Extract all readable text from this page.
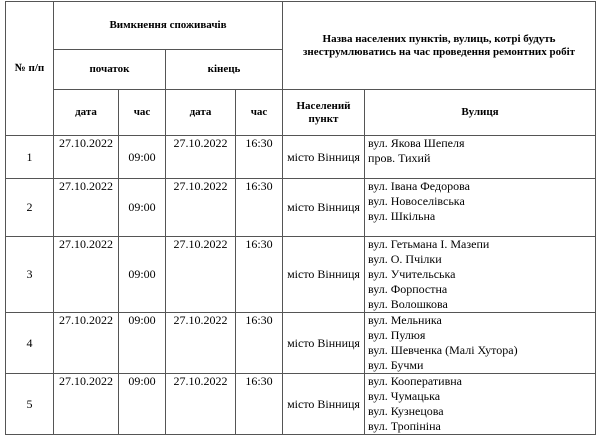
№ п/п	Вимкнення споживачів				Назва населених пунктів, вулиць, котрі будуть знеструмлюватись на час проведення ремонтних робіт	
	початок		кінець			
	дата	час	дата	час	Населений пункт	Вулиця
1	27.10.2022	09:00	27.10.2022	16:30	місто Вінниця	вул. Якова Шепеля
пров. Тихий

2	27.10.2022	09:00	27.10.2022	16:30	місто Вінниця	вул. Івана Федорова
вул. Новоселівська
вул. Шкільна

3	27.10.2022	09:00	27.10.2022	16:30	місто Вінниця	вул. Гетьмана І. Мазепи
вул. О. Пчілки
вул. Учительська
вул. Форпостна
вул. Волошкова

4	27.10.2022	09:00	27.10.2022	16:30	місто Вінниця	вул. Мельника
вул. Пулюя
вул. Шевченка (Малі Хутора)
вул. Бучми

5	27.10.2022	09:00	27.10.2022	16:30	місто Вінниця	вул. Кооперативна
вул. Чумацька
вул. Кузнецова
вул. Тропініна
